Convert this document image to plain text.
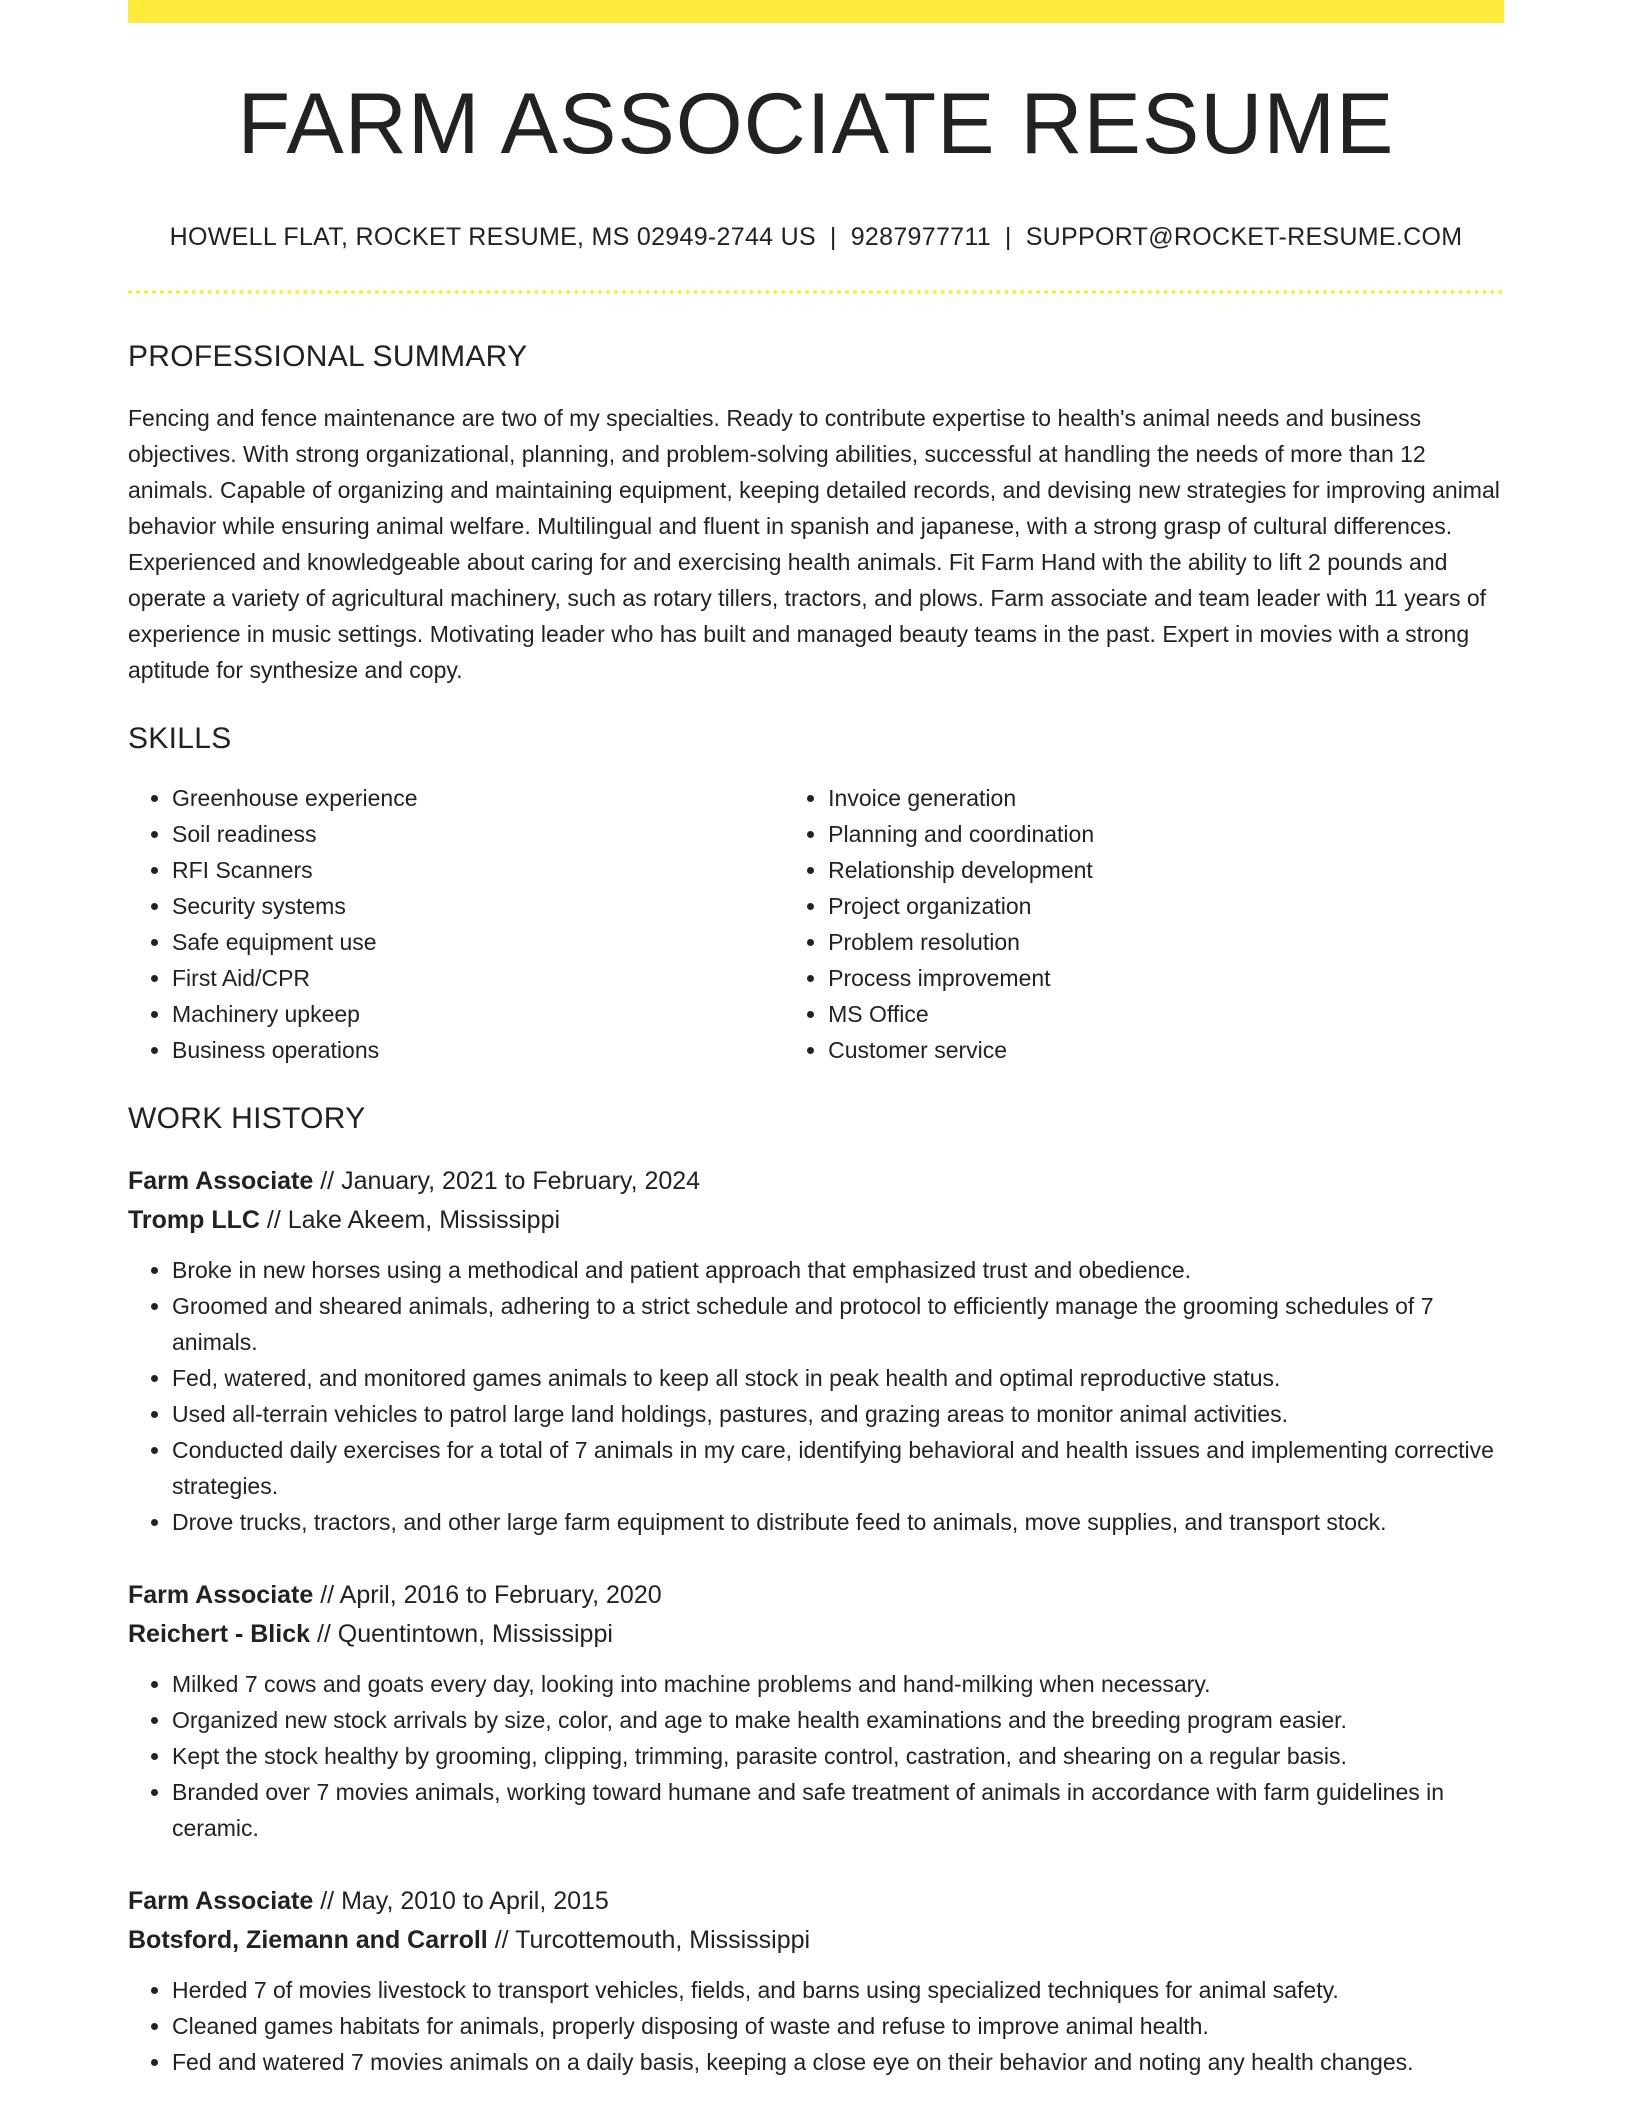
FARM ASSOCIATE RESUME
HOWELL FLAT, ROCKET RESUME, MS 02949-2744 US | 9287977711 | SUPPORT@ROCKET-RESUME.COM
PROFESSIONAL SUMMARY

Fencing and fence maintenance are two of my specialties. Ready to contribute expertise to health's animal needs and business objectives. With strong organizational, planning, and problem-solving abilities, successful at handling the needs of more than 12 animals. Capable of organizing and maintaining equipment, keeping detailed records, and devising new strategies for improving animal behavior while ensuring animal welfare. Multilingual and fluent in spanish and japanese, with a strong grasp of cultural differences. Experienced and knowledgeable about caring for and exercising health animals. Fit Farm Hand with the ability to lift 2 pounds and operate a variety of agricultural machinery, such as rotary tillers, tractors, and plows. Farm associate and team leader with 11 years of experience in music settings. Motivating leader who has built and managed beauty teams in the past. Expert in movies with a strong aptitude for synthesize and copy.

SKILLS
• Greenhouse experience
• Soil readiness
• RFI Scanners
• Security systems
• Safe equipment use
• First Aid/CPR
• Machinery upkeep
• Business operations
• Invoice generation
• Planning and coordination
• Relationship development
• Project organization
• Problem resolution
• Process improvement
• MS Office
• Customer service
WORK HISTORY
Farm Associate // January, 2021 to February, 2024
Tromp LLC // Lake Akeem, Mississippi
• Broke in new horses using a methodical and patient approach that emphasized trust and obedience.
• Groomed and sheared animals, adhering to a strict schedule and protocol to efficiently manage the grooming schedules of 7 animals.
• Fed, watered, and monitored games animals to keep all stock in peak health and optimal reproductive status.
• Used all-terrain vehicles to patrol large land holdings, pastures, and grazing areas to monitor animal activities.
• Conducted daily exercises for a total of 7 animals in my care, identifying behavioral and health issues and implementing corrective strategies.
• Drove trucks, tractors, and other large farm equipment to distribute feed to animals, move supplies, and transport stock.
Farm Associate // April, 2016 to February, 2020
Reichert - Blick // Quentintown, Mississippi
• Milked 7 cows and goats every day, looking into machine problems and hand-milking when necessary.
• Organized new stock arrivals by size, color, and age to make health examinations and the breeding program easier.
• Kept the stock healthy by grooming, clipping, trimming, parasite control, castration, and shearing on a regular basis.
• Branded over 7 movies animals, working toward humane and safe treatment of animals in accordance with farm guidelines in ceramic.
Farm Associate // May, 2010 to April, 2015
Botsford, Ziemann and Carroll // Turcottemouth, Mississippi
• Herded 7 of movies livestock to transport vehicles, fields, and barns using specialized techniques for animal safety.
• Cleaned games habitats for animals, properly disposing of waste and refuse to improve animal health.
• Fed and watered 7 movies animals on a daily basis, keeping a close eye on their behavior and noting any health changes.
